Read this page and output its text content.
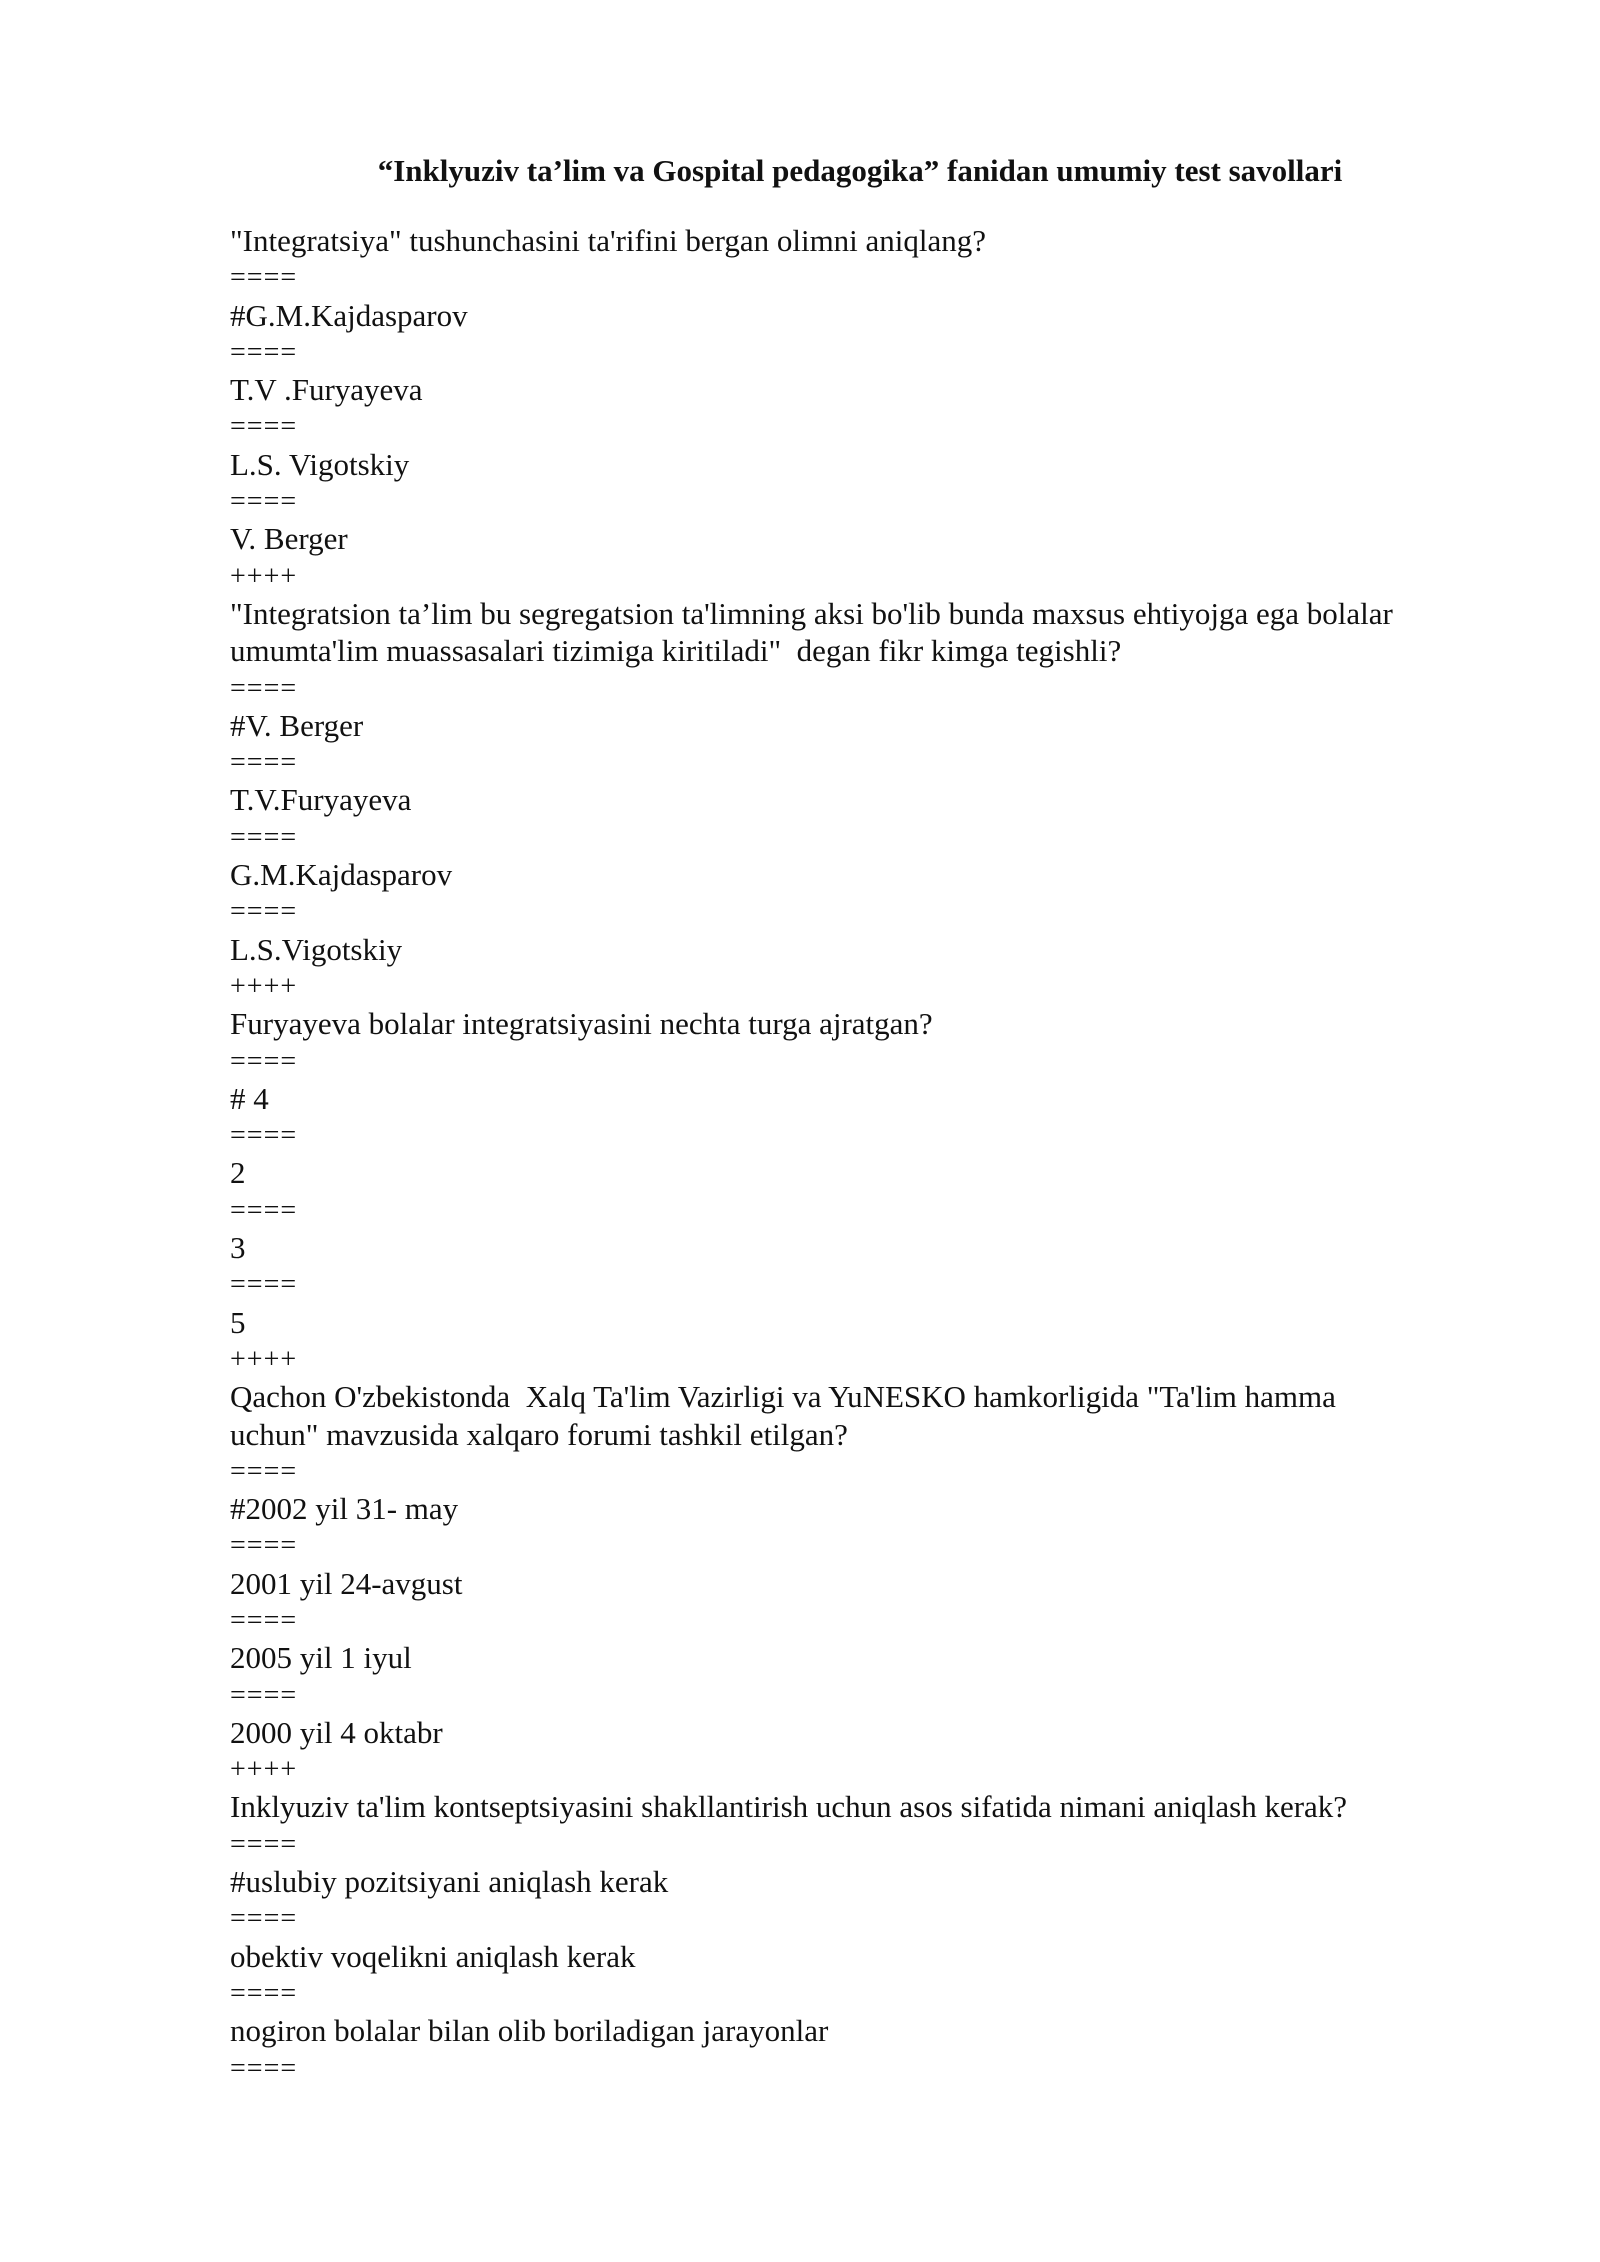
“Inklyuziv ta’lim va Gospital pedagogika” fanidan umumiy test savollari
"Integratsiya" tushunchasini ta'rifini bergan olimni aniqlang?
====
#G.M.Kajdasparov
====
T.V .Furyayeva
====
L.S. Vigotskiy
====
V. Berger
++++
"Integratsion ta’lim bu segregatsion ta'limning aksi bo'lib bunda maxsus ehtiyojga ega bolalar
umumta'lim muassasalari tizimiga kiritiladi"  degan fikr kimga tegishli?
====
#V. Berger
====
T.V.Furyayeva
====
G.M.Kajdasparov
====
L.S.Vigotskiy
++++
Furyayeva bolalar integratsiyasini nechta turga ajratgan?
====
# 4
====
2
====
3
====
5
++++
Qachon O'zbekistonda  Xalq Ta'lim Vazirligi va YuNESKO hamkorligida "Ta'lim hamma
uchun" mavzusida xalqaro forumi tashkil etilgan?
====
#2002 yil 31- may
====
2001 yil 24-avgust
====
2005 yil 1 iyul
====
2000 yil 4 oktabr
++++
Inklyuziv ta'lim kontseptsiyasini shakllantirish uchun asos sifatida nimani aniqlash kerak?
====
#uslubiy pozitsiyani aniqlash kerak
====
obektiv voqelikni aniqlash kerak
====
nogiron bolalar bilan olib boriladigan jarayonlar
====
